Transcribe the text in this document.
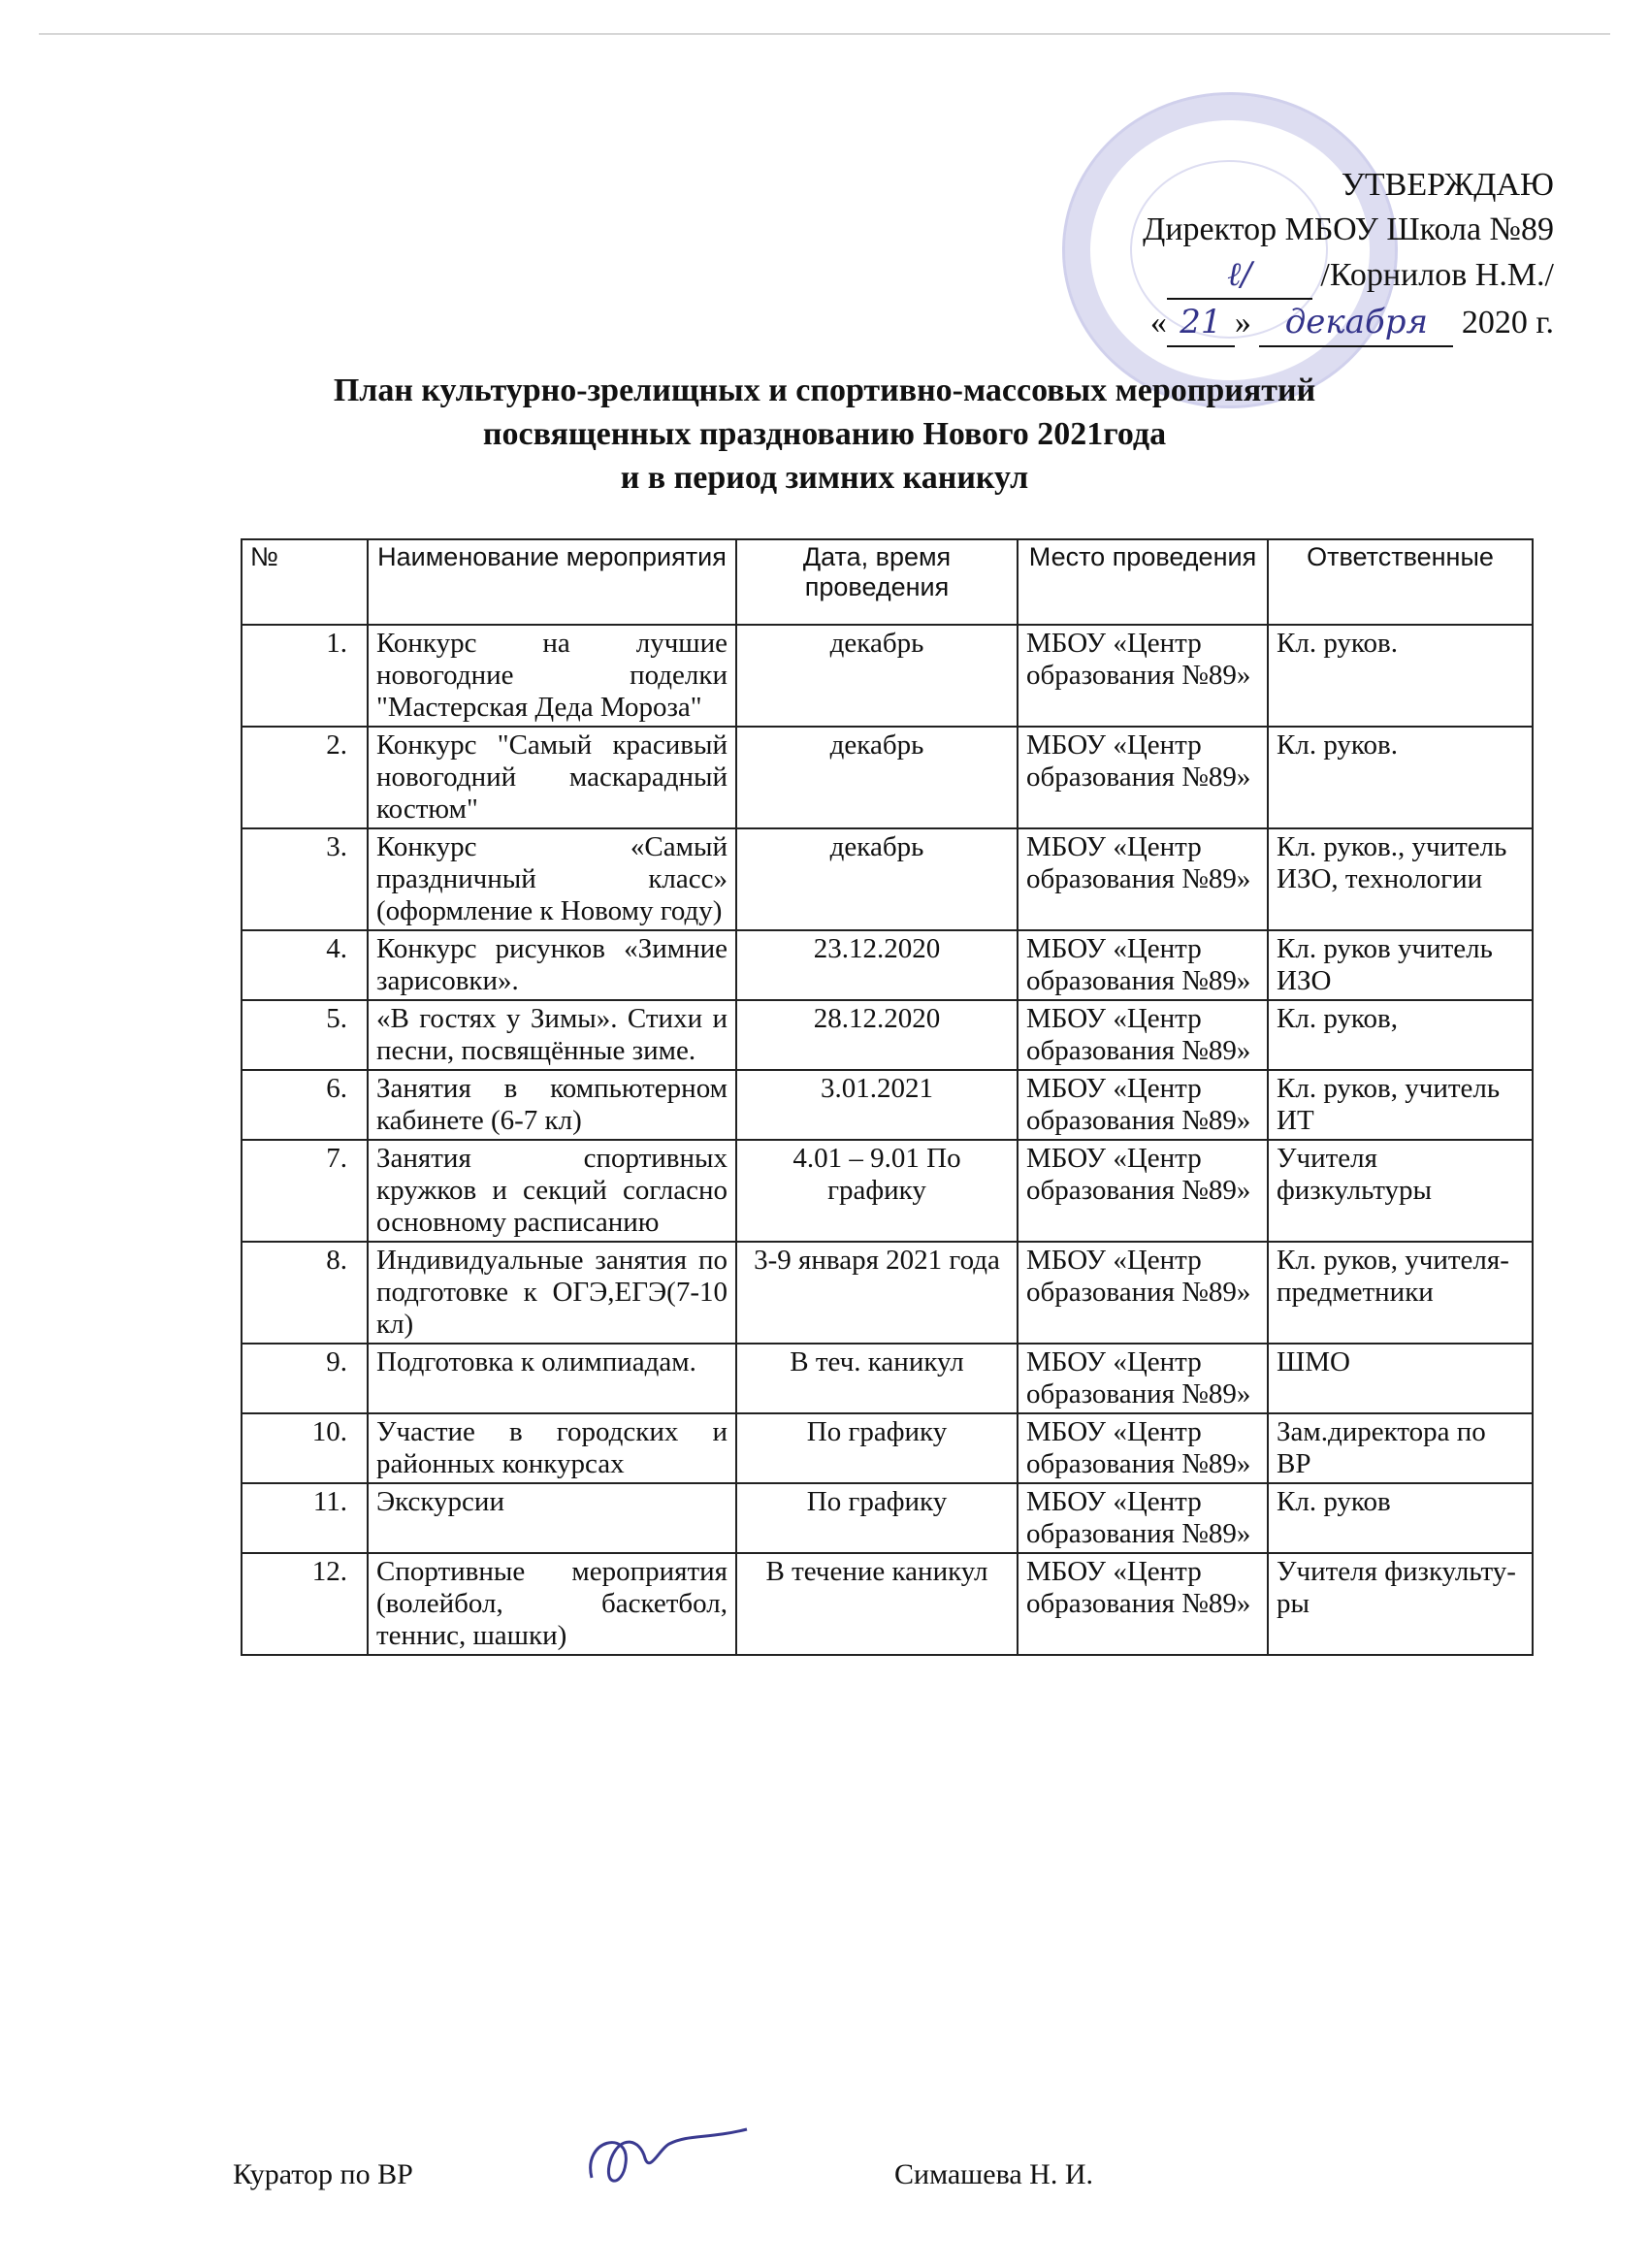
УТВЕРЖДАЮ
Директор МБОУ Школа №89
ℓ/ /Корнилов Н.М./
« 21 » декабря 2020 г.
План культурно-зрелищных и спортивно-массовых мероприятий
посвященных празднованию Нового 2021года
и в период зимних каникул
№	Наименование мероприятия	Дата, время проведения	Место проведения	Ответственные
1.	Конкурс на лучшие новогодние поделки "Мастерская Деда Мороза"	декабрь	МБОУ «Центр образования №89»	Кл. руков.
2.	Конкурс "Самый красивый новогодний маскарадный костюм"	декабрь	МБОУ «Центр образования №89»	Кл. руков.
3.	Конкурс «Самый праздничный класс» (оформление к Новому году)	декабрь	МБОУ «Центр образования №89»	Кл. руков., учитель ИЗО, технологии
4.	Конкурс рисунков «Зимние зарисовки».	23.12.2020	МБОУ «Центр образования №89»	Кл. руков учитель ИЗО
5.	«В гостях у Зимы». Стихи и песни, посвящённые зиме.	28.12.2020	МБОУ «Центр образования №89»	Кл. руков,
6.	Занятия в компьютерном кабинете (6-7 кл)	3.01.2021	МБОУ «Центр образования №89»	Кл. руков, учитель ИТ
7.	Занятия спортивных кружков и секций согласно основному расписанию	4.01 – 9.01 По графику	МБОУ «Центр образования №89»	Учителя физкультуры
8.	Индивидуальные занятия по подготовке к ОГЭ,ЕГЭ(7-10 кл)	3-9 января 2021 года	МБОУ «Центр образования №89»	Кл. руков, учителя-предметники
9.	Подготовка к олимпиадам.	В теч. каникул	МБОУ «Центр образования №89»	ШМО
10.	Участие в городских и районных конкурсах	По графику	МБОУ «Центр образования №89»	Зам.директора по ВР
11.	Экскурсии	По графику	МБОУ «Центр образования №89»	Кл. руков
12.	Спортивные мероприятия (волейбол, баскетбол, теннис, шашки)	В течение каникул	МБОУ «Центр образования №89»	Учителя физкульту-ры
Куратор по ВР	Симашева Н. И.
